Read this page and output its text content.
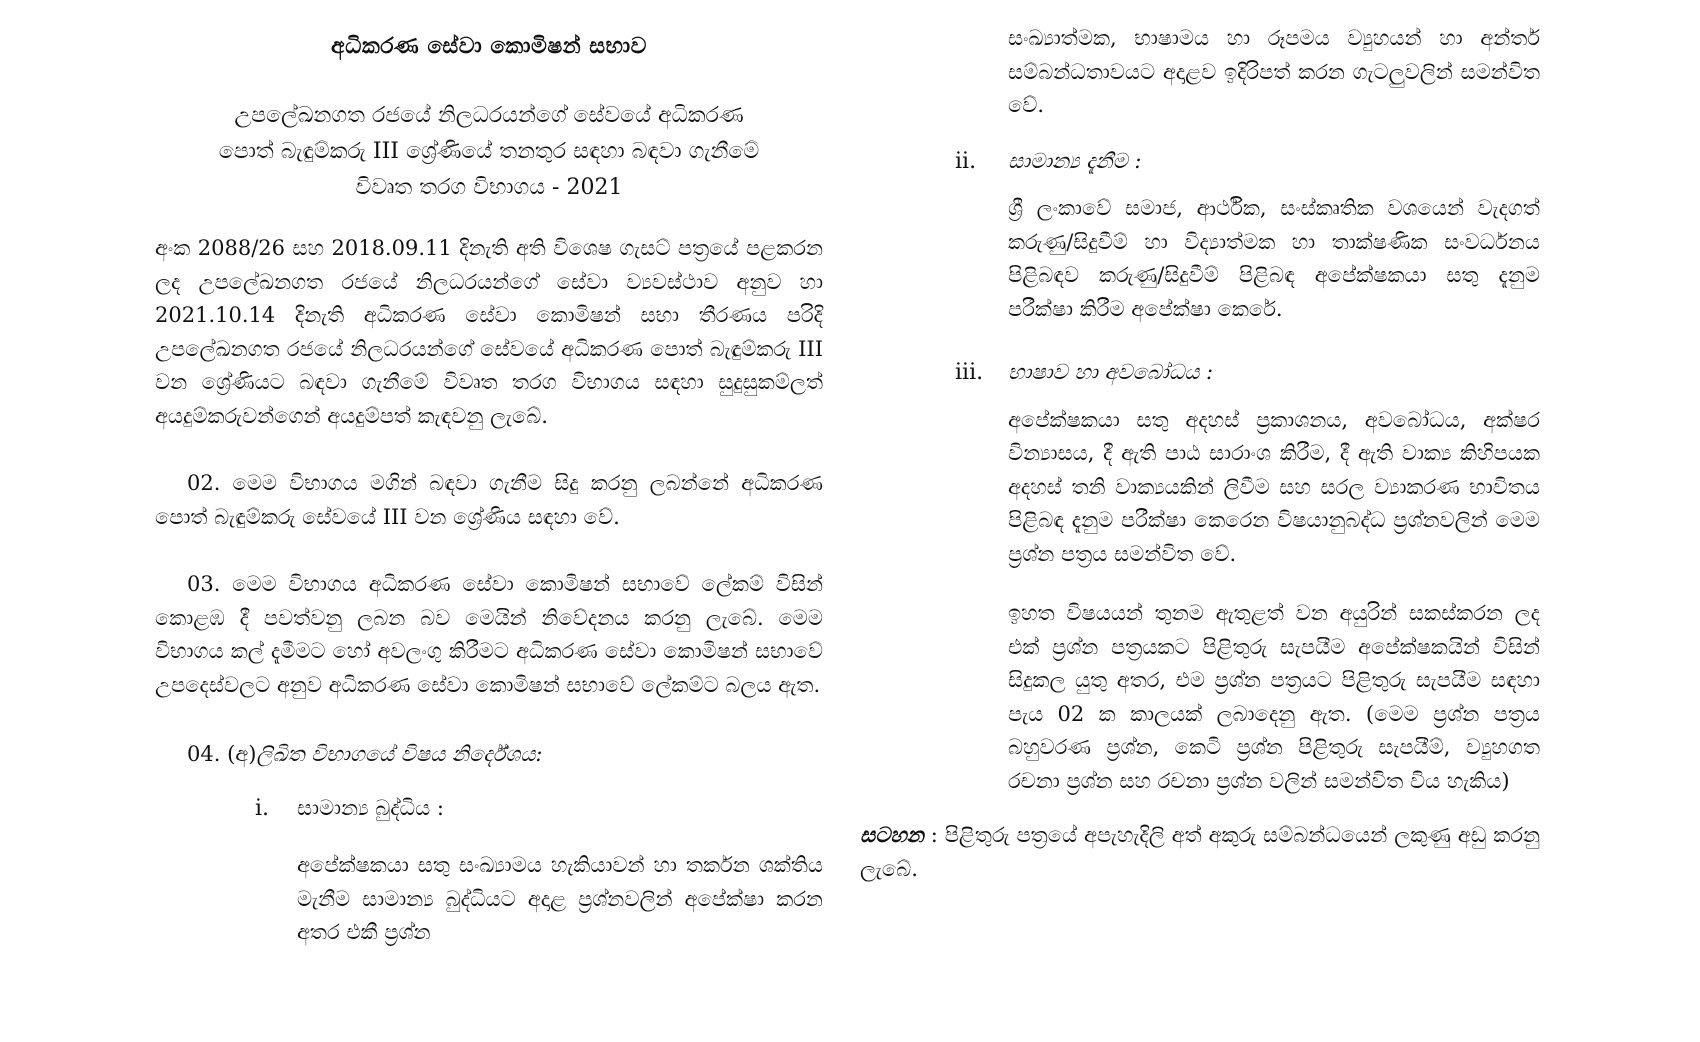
අධිකරණ සේවා කොමිෂන් සභාව

උපලේඛනගත රජයේ නිලධරයන්ගේ සේවයේ අධිකරණ පොත් බැඳුම්කරු III ශ්‍රේණියේ තනතුර සඳහා බඳවා ගැනීමේ විවෘත තරග විභාගය - 2021

අංක 2088/26 සහ 2018.09.11 දිනැති අති විශෙෂ ගැසට් පත්‍රයේ පළකරන ලද උපලේඛනගත රජයේ නිලධරයන්ගේ සේවා ව්‍යවස්ථාව අනුව හා 2021.10.14 දිනැති අධිකරණ සේවා කොමිෂන් සභා තීරණය පරිදි උපලේඛනගත රජයේ නිලධරයන්ගේ සේවයේ අධිකරණ පොත් බැඳුම්කරු III වන ශ්‍රේණියට බඳවා ගැනීමේ විවෘත තරග විභාගය සඳහා සුදුසුකම්ලත් අයදුම්කරුවන්ගෙන් අයදුම්පත් කැඳවනු ලැබේ.

02. මෙම විභාගය මගින් බඳවා ගැනීම සිදු කරනු ලබන්නේ අධිකරණ පොත් බැඳුම්කරු සේවයේ III වන ශ්‍රේණිය සඳහා වේ.

03. මෙම විභාගය අධිකරණ සේවා කොමිෂන් සභාවේ ලේකම් විසින් කොළඹ දී පවත්වනු ලබන බව මෙයින් නිවේදනය කරනු ලැබේ. මෙම විභාගය කල් දැමීමට හෝ අවලංගු කිරීමට අධිකරණ සේවා කොමිෂන් සභාවේ උපදෙස්වලට අනුව අධිකරණ සේවා කොමිෂන් සභාවේ ලේකම්ට බලය ඇත.

04. (අ)ලිඛිත විභාගයේ විෂය නිර්දේශය:
i. සාමාන්‍ය බුද්ධිය :

අපේක්ෂකයා සතු සංඛ්‍යාමය හැකියාවන් හා තර්කන ශක්තිය මැනීම සාමාන්‍ය බුද්ධියට අදාළ ප්‍රශ්නවලින් අපේක්ෂා කරන අතර එකී ප්‍රශ්න

සංඛ්‍යාත්මක, භාෂාමය හා රූපමය ව්‍යුහයන් හා අන්තර් සම්බන්ධතාවයට අදාළව ඉදිරිපත් කරන ගැටලුවලින් සමන්විත වේ.

ii. සාමාන්‍ය දැනීම :

ශ්‍රී ලංකාවේ සමාජ, ආර්ථික, සංස්කෘතික වශයෙන් වැදගත් කරුණු/සිදුවීම් හා විද්‍යාත්මක හා තාක්ෂණික සංවර්ධනය පිළිබඳව කරුණු/සිදුවීම් පිළිබඳ අපේක්ෂකයා සතු දැනුම පරීක්ෂා කිරීම අපේක්ෂා කෙරේ.

iii. භාෂාව හා අවබෝධය :

අපේක්ෂකයා සතු අදහස් ප්‍රකාශනය, අවබෝධය, අක්ෂර වින්‍යාසය, දී ඇති පාඨ සාරාංශ කිරීම, දී ඇති වාක්‍ය කිහිපයක අදහස් තනි වාක්‍යයකින් ලිවීම සහ සරල ව්‍යාකරණ භාවිතය පිළිබඳ දැනුම පරීක්ෂා කෙරෙන විෂයානුබද්ධ ප්‍රශ්නවලින් මෙම ප්‍රශ්න පත්‍රය සමන්විත වේ.

ඉහත විෂයයන් තුනම ඇතුළත් වන අයුරින් සකස්කරන ලද එක් ප්‍රශ්න පත්‍රයකට පිළිතුරු සැපයීම අපේක්ෂකයින් විසින් සිදුකල යුතු අතර, එම ප්‍රශ්න පත්‍රයට පිළිතුරු සැපයීම සඳහා පැය 02 ක කාලයක් ලබාදෙනු ඇත. (මෙම ප්‍රශ්න පත්‍රය බහුවරණ ප්‍රශ්න, කෙටි ප්‍රශ්න පිළිතුරු සැපයීම්, ව්‍යුහගත රචනා ප්‍රශ්න සහ රචනා ප්‍රශ්න වලින් සමන්විත විය හැකිය)

සටහන : පිළිතුරු පත්‍රයේ අපැහැදිලි අත් අකුරු සම්බන්ධයෙන් ලකුණු අඩු කරනු ලැබේ.
